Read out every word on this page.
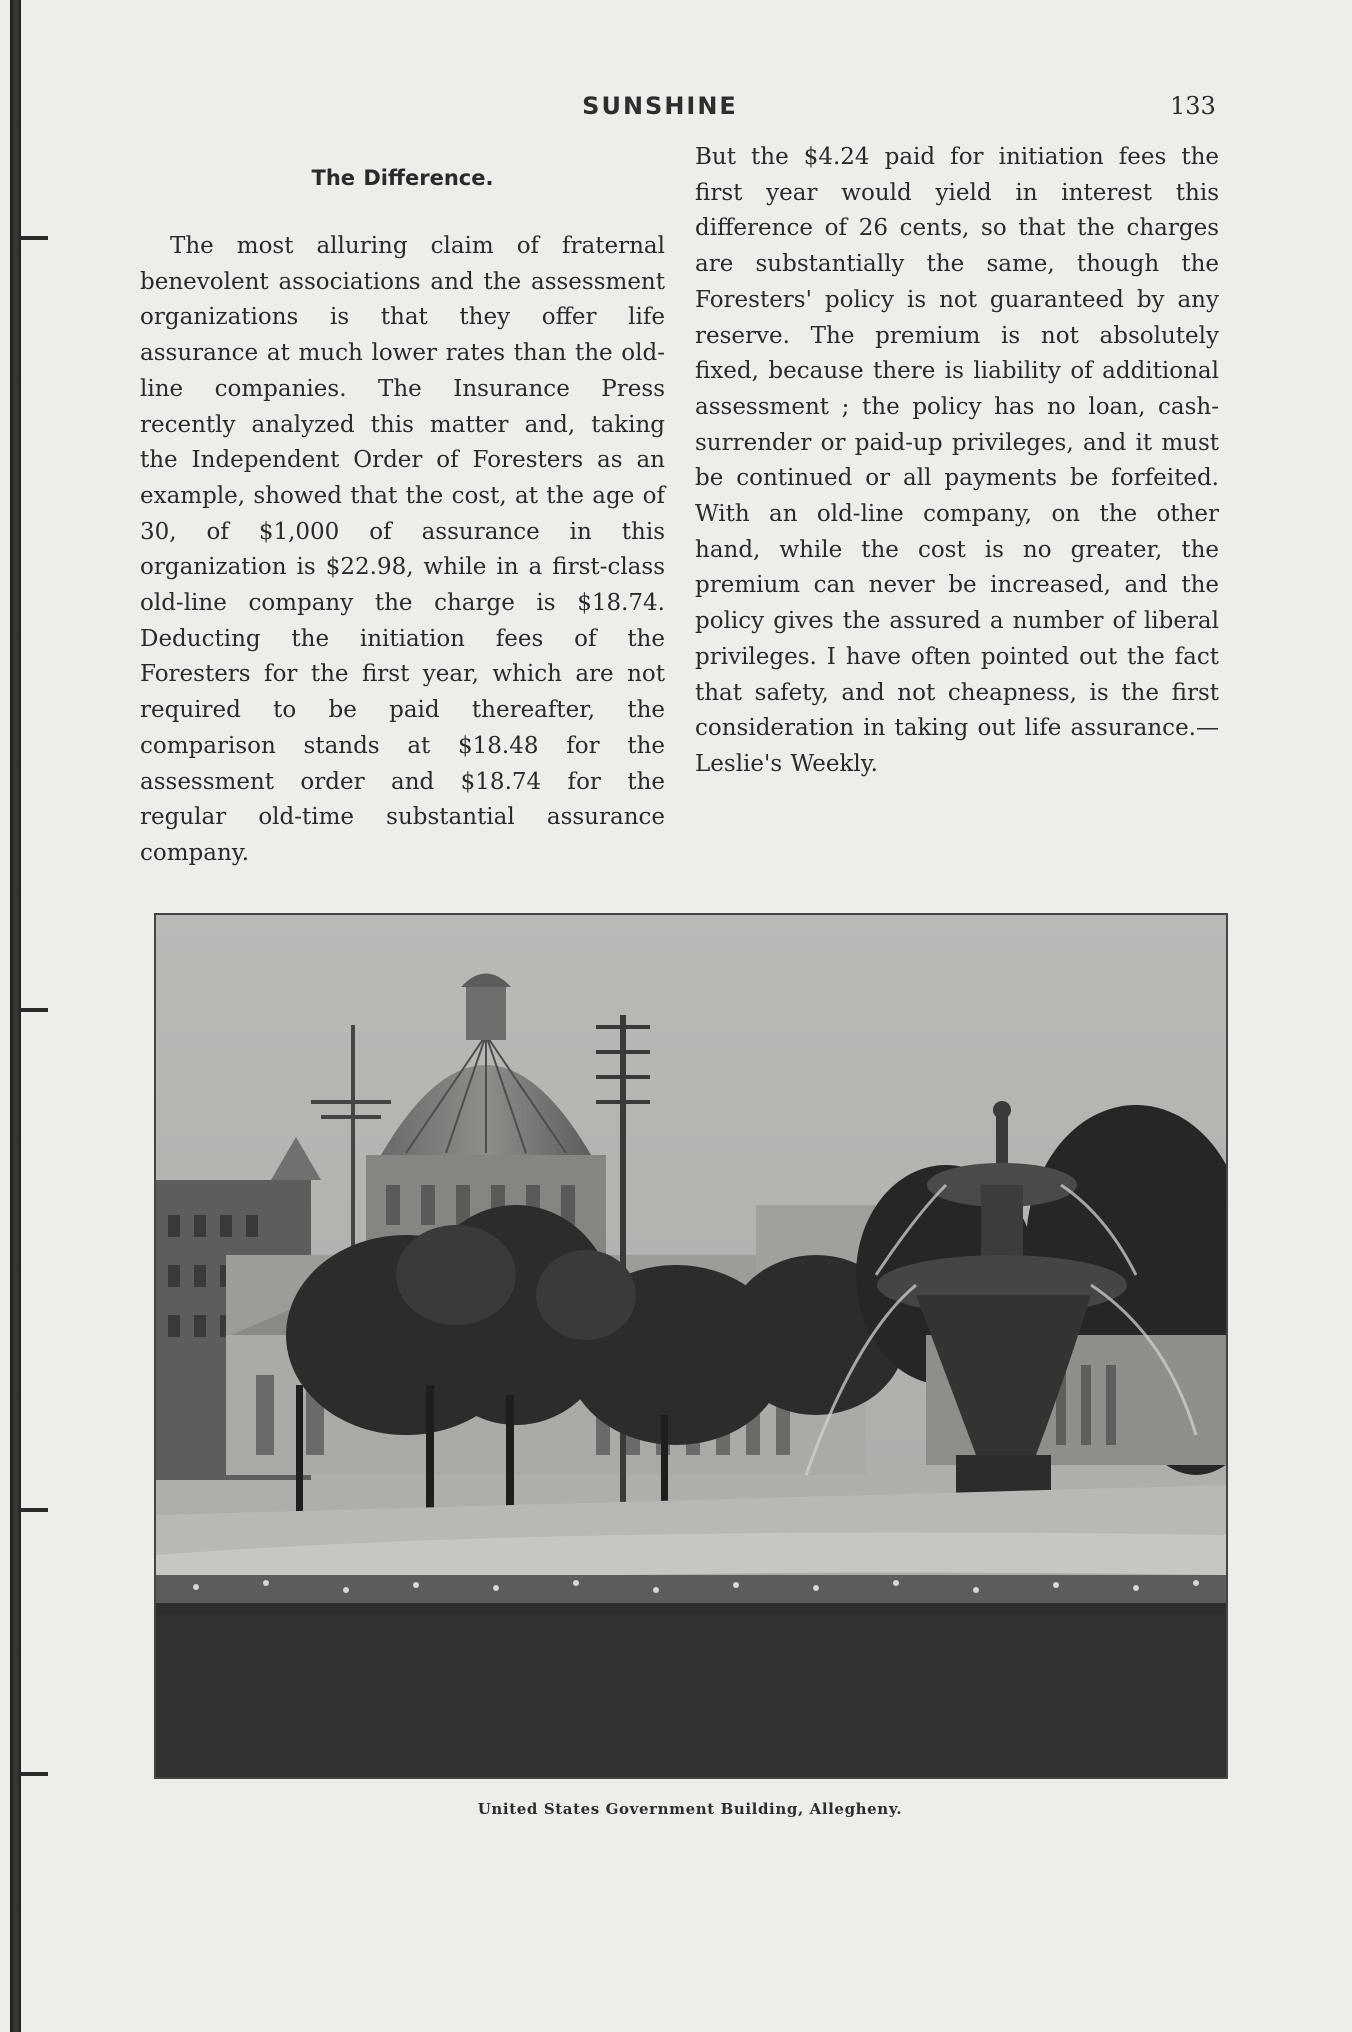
SUNSHINE	133
The Difference.

The most alluring claim of fraternal benevolent associations and the assessment organizations is that they offer life assurance at much lower rates than the old-line companies. The Insurance Press recently analyzed this matter and, taking the Independent Order of Foresters as an example, showed that the cost, at the age of 30, of $1,000 of assurance in this organization is $22.98, while in a first-class old-line company the charge is $18.74. Deducting the initiation fees of the Foresters for the first year, which are not required to be paid thereafter, the comparison stands at $18.48 for the assessment order and $18.74 for the regular old-time substantial assurance company.

But the $4.24 paid for initiation fees the first year would yield in interest this difference of 26 cents, so that the charges are substantially the same, though the Foresters' policy is not guaranteed by any reserve. The premium is not absolutely fixed, because there is liability of additional assessment ; the policy has no loan, cash-surrender or paid-up privileges, and it must be continued or all payments be forfeited. With an old-line company, on the other hand, while the cost is no greater, the premium can never be increased, and the policy gives the assured a number of liberal privileges. I have often pointed out the fact that safety, and not cheapness, is the first consideration in taking out life assurance.—Leslie's Weekly.

United States Government Building, Allegheny.
